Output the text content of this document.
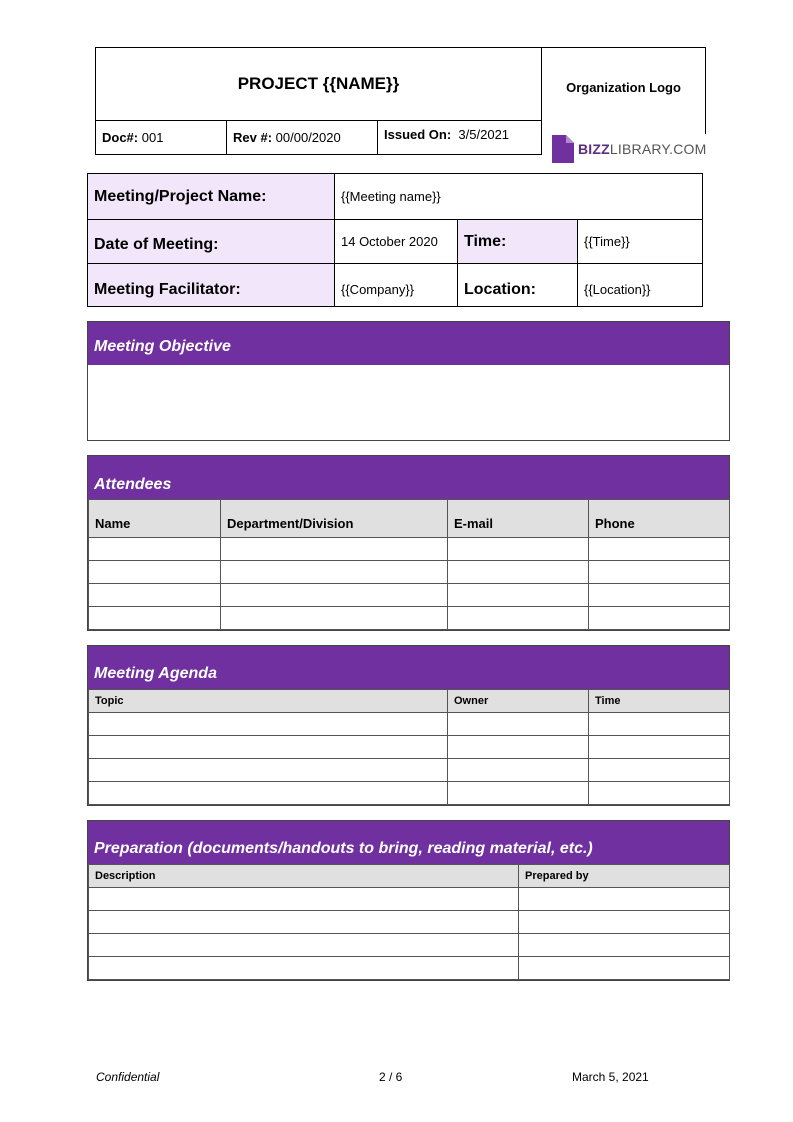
PROJECT {{NAME}}
Doc#:
001	Rev #:
00/00/2020	Issued On:
3/5/2021
Organization Logo
BIZZLIBRARY.COM
Meeting/Project Name:	{{Meeting name}}		
Date of Meeting:	14 October 2020	Time:	{{Time}}
Meeting Facilitator:	{{Company}}	Location:	{{Location}}
Meeting Objective
Attendees
Name	Department/Division	E-mail	Phone

Meeting Agenda
Topic	Owner	Time

Preparation (documents/handouts to bring, reading material, etc.)
Description	Prepared by

Confidential	2 / 6	March 5, 2021
